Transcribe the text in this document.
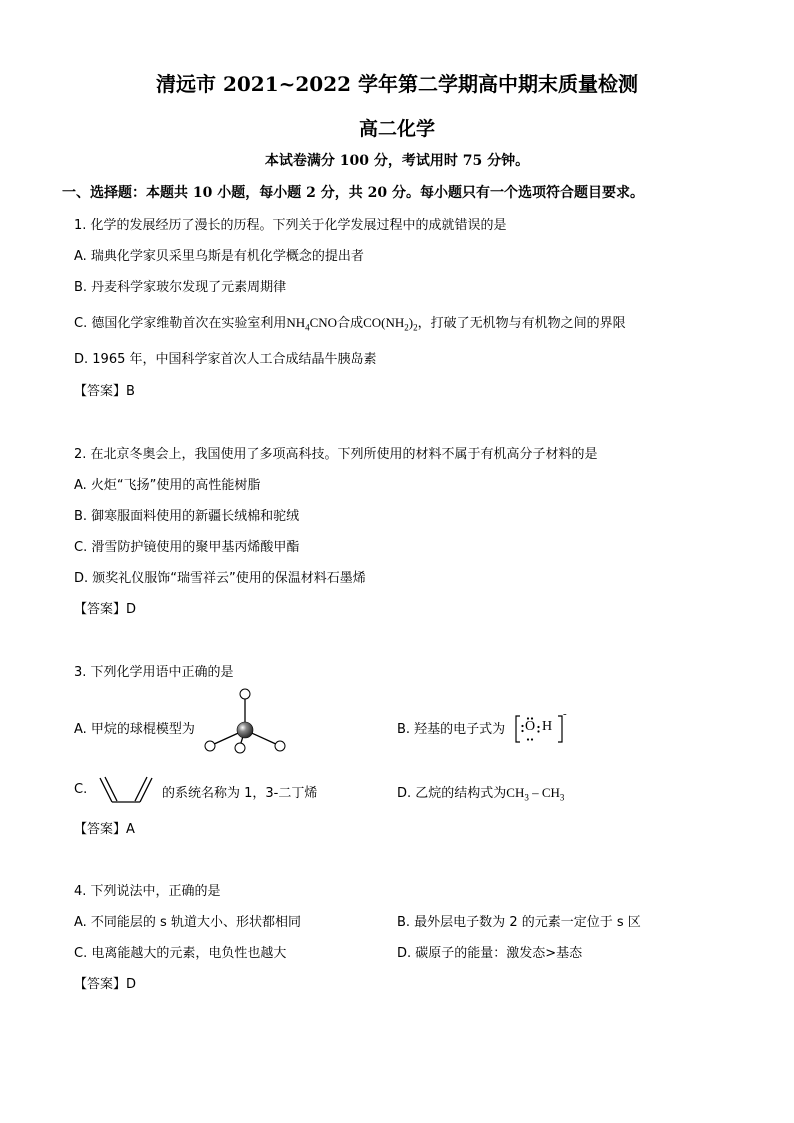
清远市 2021~2022 学年第二学期高中期末质量检测
高二化学
本试卷满分 100 分，考试用时 75 分钟。
一、选择题：本题共 10 小题，每小题 2 分，共 20 分。每小题只有一个选项符合题目要求。
1. 化学的发展经历了漫长的历程。下列关于化学发展过程中的成就错误的是
A. 瑞典化学家贝采里乌斯是有机化学概念的提出者
B. 丹麦科学家玻尔发现了元素周期律
C. 德国化学家维勒首次在实验室利用$NH_4CNO$合成$CO(NH_2)_2$，打破了无机物与有机物之间的界限
D. 1965 年，中国科学家首次人工合成结晶牛胰岛素
【答案】B
2. 在北京冬奥会上，我国使用了多项高科技。下列所使用的材料不属于有机高分子材料的是
A. 火炬“飞扬”使用的高性能树脂
B. 御寒服面料使用的新疆长绒棉和驼绒
C. 滑雪防护镜使用的聚甲基丙烯酸甲酯
D. 颁奖礼仪服饰“瑞雪祥云”使用的保温材料石墨烯
【答案】D
3. 下列化学用语中正确的是
A. 甲烷的球棍模型为	B. 羟基的电子式为 O H
-
C.	的系统名称为 1，3-二丁烯	D. 乙烷的结构式为$CH_3 - CH_3$
【答案】A
4. 下列说法中，正确的是
A. 不同能层的 s 轨道大小、形状都相同	B. 最外层电子数为 2 的元素一定位于 s 区
C. 电离能越大的元素，电负性也越大	D. 碳原子的能量：激发态>基态
【答案】D
